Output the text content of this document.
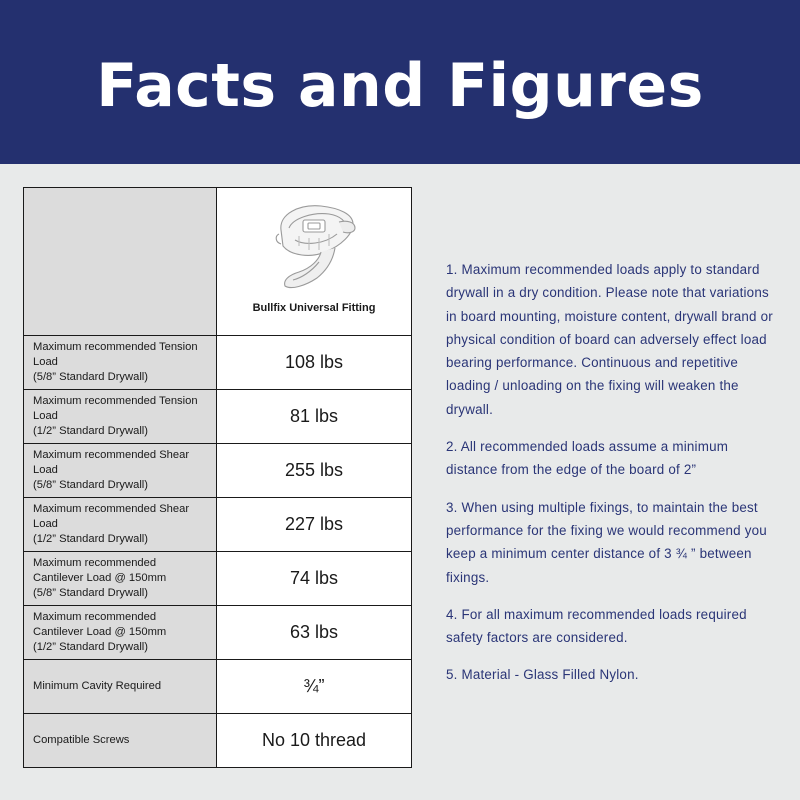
Facts and Figures

	Bullfix Universal Fitting

Maximum recommended Tension
Load
(5/8” Standard Drywall)	108 lbs

Maximum recommended Tension
Load
(1/2” Standard Drywall)	81 lbs

Maximum recommended Shear
Load
(5/8” Standard Drywall)	255 lbs

Maximum recommended Shear
Load
(1/2” Standard Drywall)	227 lbs

Maximum recommended
Cantilever Load @ 150mm
(5/8” Standard Drywall)	74 lbs

Maximum recommended
Cantilever Load @ 150mm
(1/2” Standard Drywall)	63 lbs

Minimum Cavity Required	¾”

Compatible Screws	No 10 thread

1. Maximum recommended loads apply to standard drywall in a dry condition. Please note that variations in board mounting, moisture content, drywall brand or physical condition of board can adversely effect load bearing performance. Continuous and repetitive loading / unloading on the fixing will weaken the drywall.

2. All recommended loads assume a minimum distance from the edge of the board of 2”

3. When using multiple fixings, to maintain the best performance for the fixing we would recommend you keep a minimum center distance of 3 ¾ ” between fixings.

4. For all maximum recommended loads required safety factors are considered.

5. Material - Glass Filled Nylon.
